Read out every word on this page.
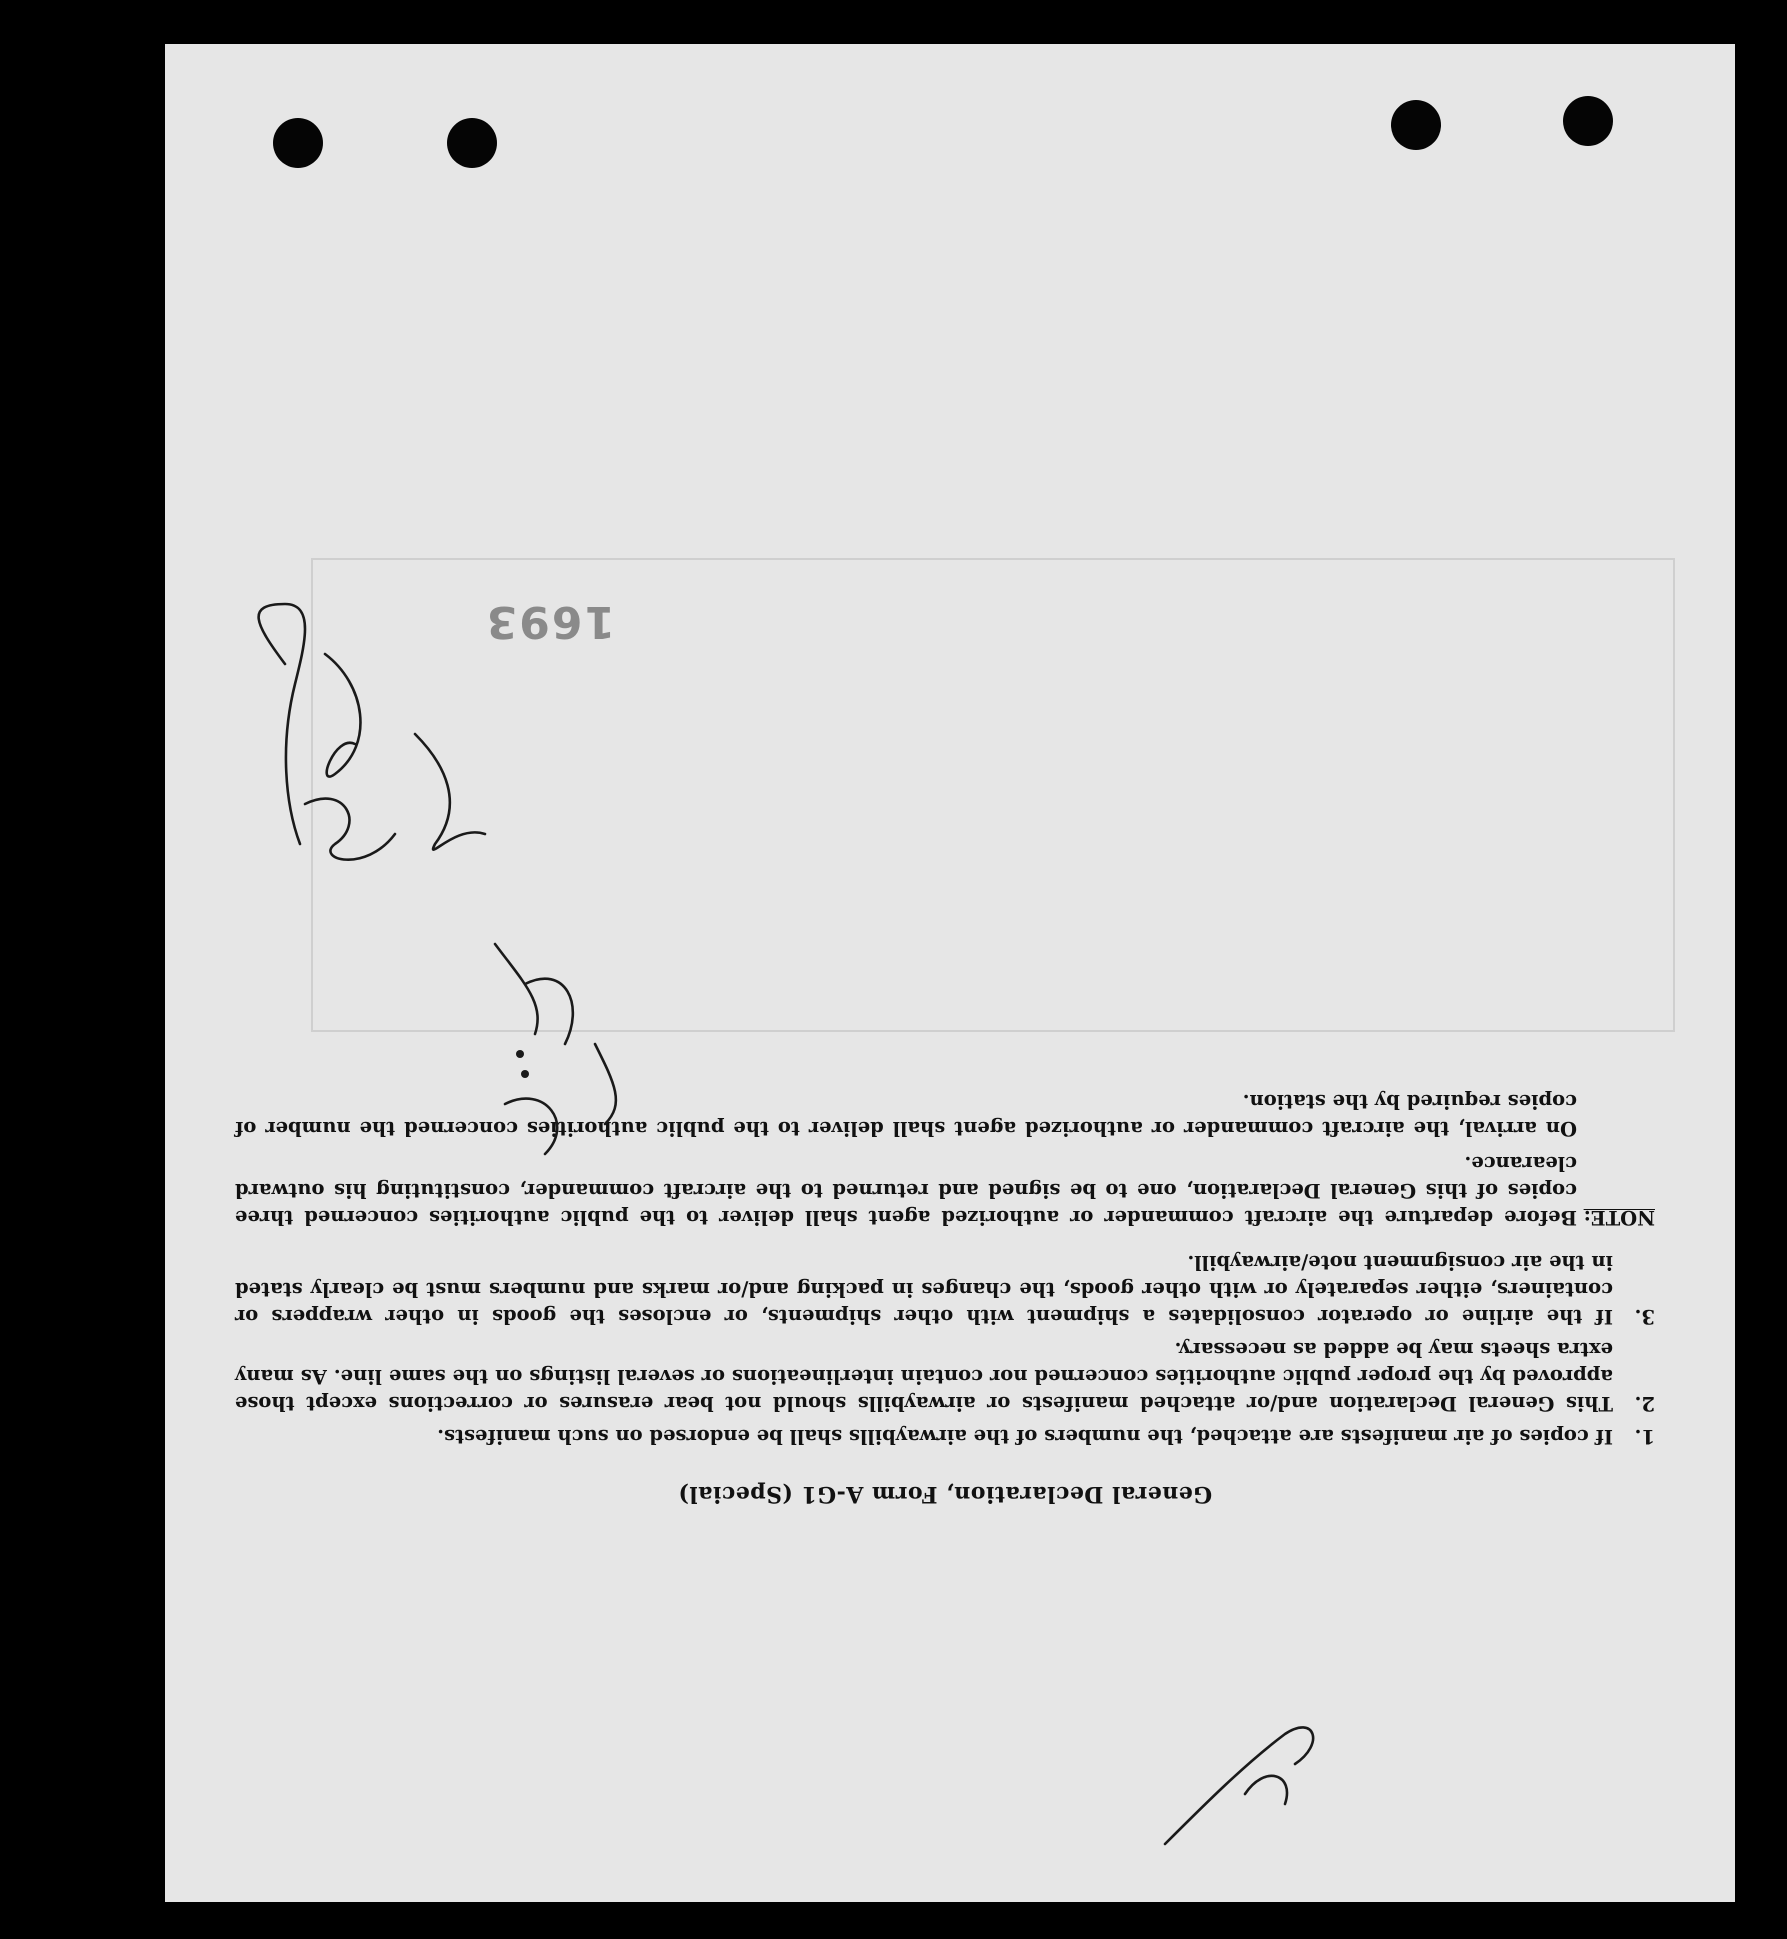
General Declaration, Form A-G1 (Special)
1.
If copies of air manifests are attached, the numbers of the airwaybills shall be endorsed on such manifests.
2.
This General Declaration and/or attached manifests or airwaybills should not bear erasures or corrections except those approved by the proper public authorities concerned nor contain interlineations or several listings on the same line. As many extra sheets may be added as necessary.
3.
If the airline or operator consolidates a shipment with other shipments, or encloses the goods in other wrappers or containers, either separately or with other goods, the changes in packing and/or marks and numbers must be clearly stated in the air consignment note/airwaybill.
NOTE:

Before departure the aircraft commander or authorized agent shall deliver to the public authorities concerned three copies of this General Declaration, one to be signed and returned to the aircraft commander, constituting his outward clearance.

On arrival, the aircraft commander or authorized agent shall deliver to the public authorities concerned the number of copies required by the station.

1693
